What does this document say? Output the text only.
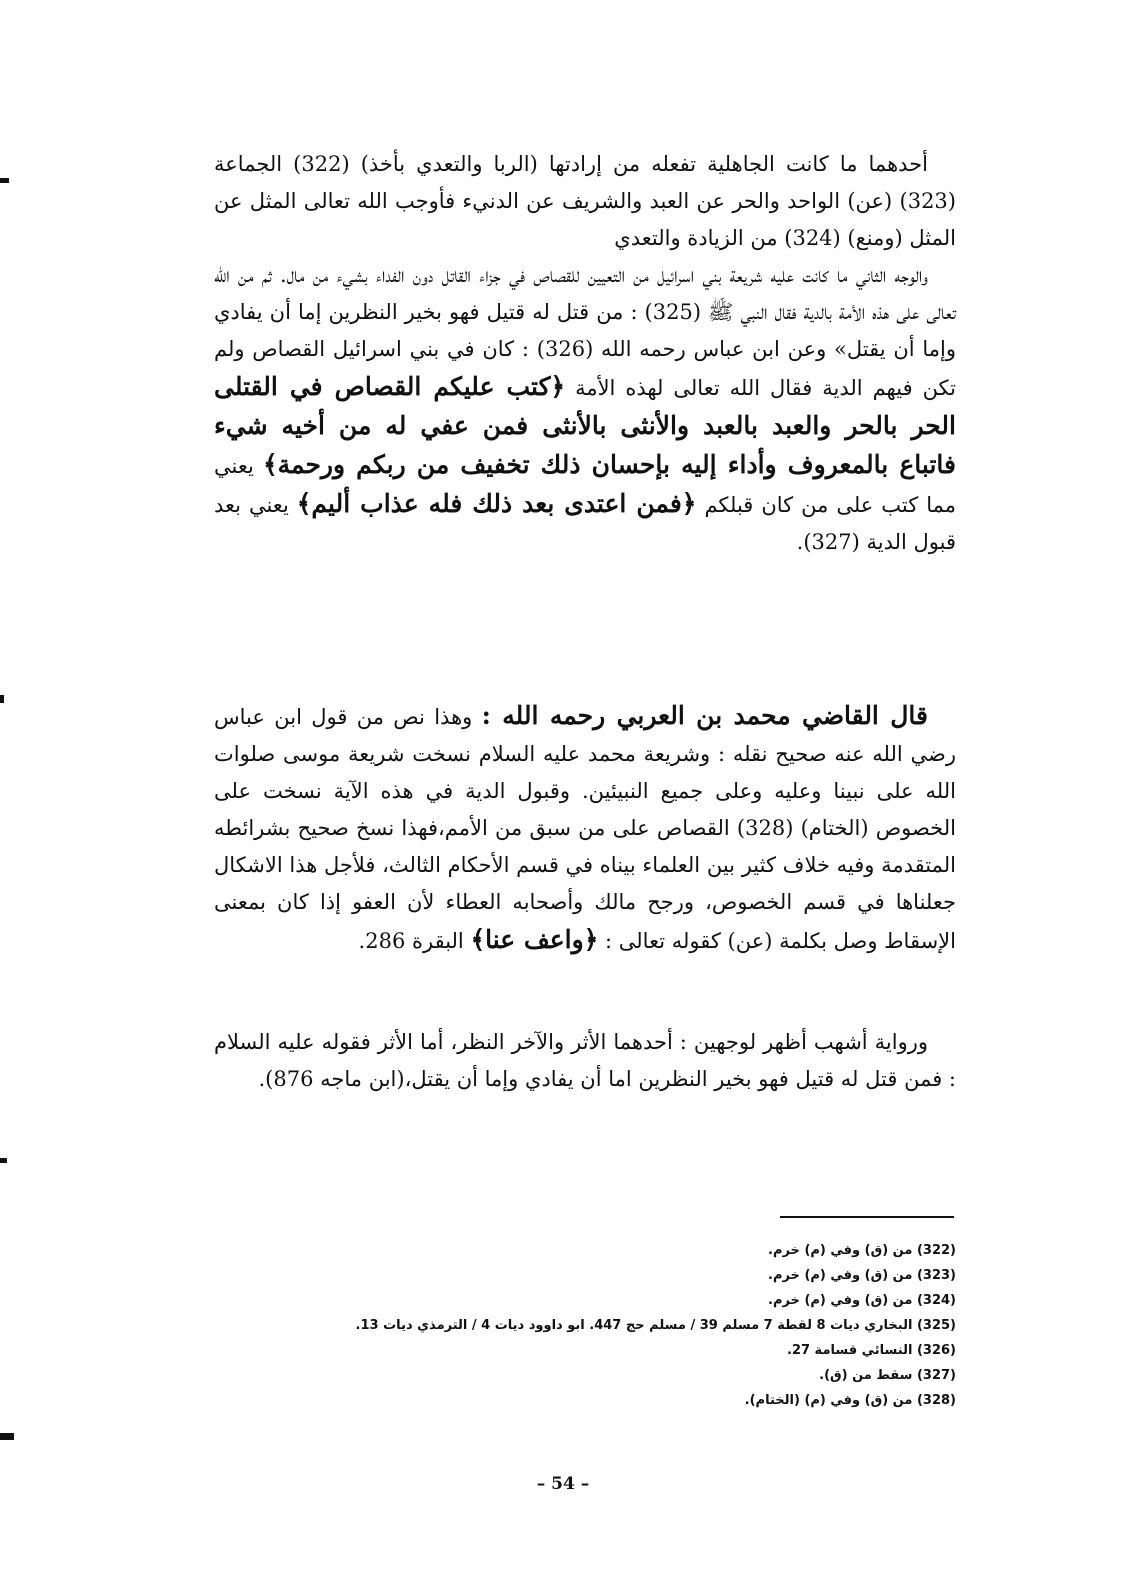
أحدهما ما كانت الجاهلية تفعله من إرادتها (الربا والتعدي بأخذ) (322) الجماعة (323) (عن) الواحد والحر عن العبد والشريف عن الدنيء فأوجب الله تعالى المثل عن المثل (ومنع) (324) من الزيادة والتعدي
والوجه الثاني ما كانت عليه شريعة بني اسرائيل من التعيين للقصاص في جزاء القاتل دون الفداء بشيء من مال. ثم من الله تعالى على هذه الأمة بالدية فقال النبي ﷺ (325) : من قتل له قتيل فهو بخير النظرين إما أن يفادي وإما أن يقتل» وعن ابن عباس رحمه الله (326) : كان في بني اسرائيل القصاص ولم تكن فيهم الدية فقال الله تعالى لهذه الأمة ﴿كتب عليكم القصاص في القتلى الحر بالحر والعبد بالعبد والأنثى بالأنثى فمن عفي له من أخيه شيء فاتباع بالمعروف وأداء إليه بإحسان ذلك تخفيف من ربكم ورحمة﴾ يعني مما كتب على من كان قبلكم ﴿فمن اعتدى بعد ذلك فله عذاب أليم﴾ يعني بعد قبول الدية (327).

قال القاضي محمد بن العربي رحمه الله : وهذا نص من قول ابن عباس رضي الله عنه صحيح نقله : وشريعة محمد عليه السلام نسخت شريعة موسى صلوات الله على نبينا وعليه وعلى جميع النبيئين. وقبول الدية في هذه الآية نسخت على الخصوص (الختام) (328) القصاص على من سبق من الأمم،فهذا نسخ صحيح بشرائطه المتقدمة وفيه خلاف كثير بين العلماء بيناه في قسم الأحكام الثالث، فلأجل هذا الاشكال جعلناها في قسم الخصوص، ورجح مالك وأصحابه العطاء لأن العفو إذا كان بمعنى الإسقاط وصل بكلمة (عن) كقوله تعالى : ﴿واعف عنا﴾ البقرة 286.

ورواية أشهب أظهر لوجهين : أحدهما الأثر والآخر النظر، أما الأثر فقوله عليه السلام : فمن قتل له قتيل فهو بخير النظرين اما أن يفادي وإما أن يقتل،(ابن ماجه 876).

(322) من (ق) وفي (م) خرم.
(323) من (ق) وفي (م) خرم.
(324) من (ق) وفي (م) خرم.
(325) البخاري ديات 8 لقطة 7 مسلم 39 / مسلم حج 447. ابو داوود ديات 4 / الترمذي ديات 13.
(326) النسائي قسامة 27.
(327) سقط من (ق).
(328) من (ق) وفي (م) (الختام).
– 54 –
